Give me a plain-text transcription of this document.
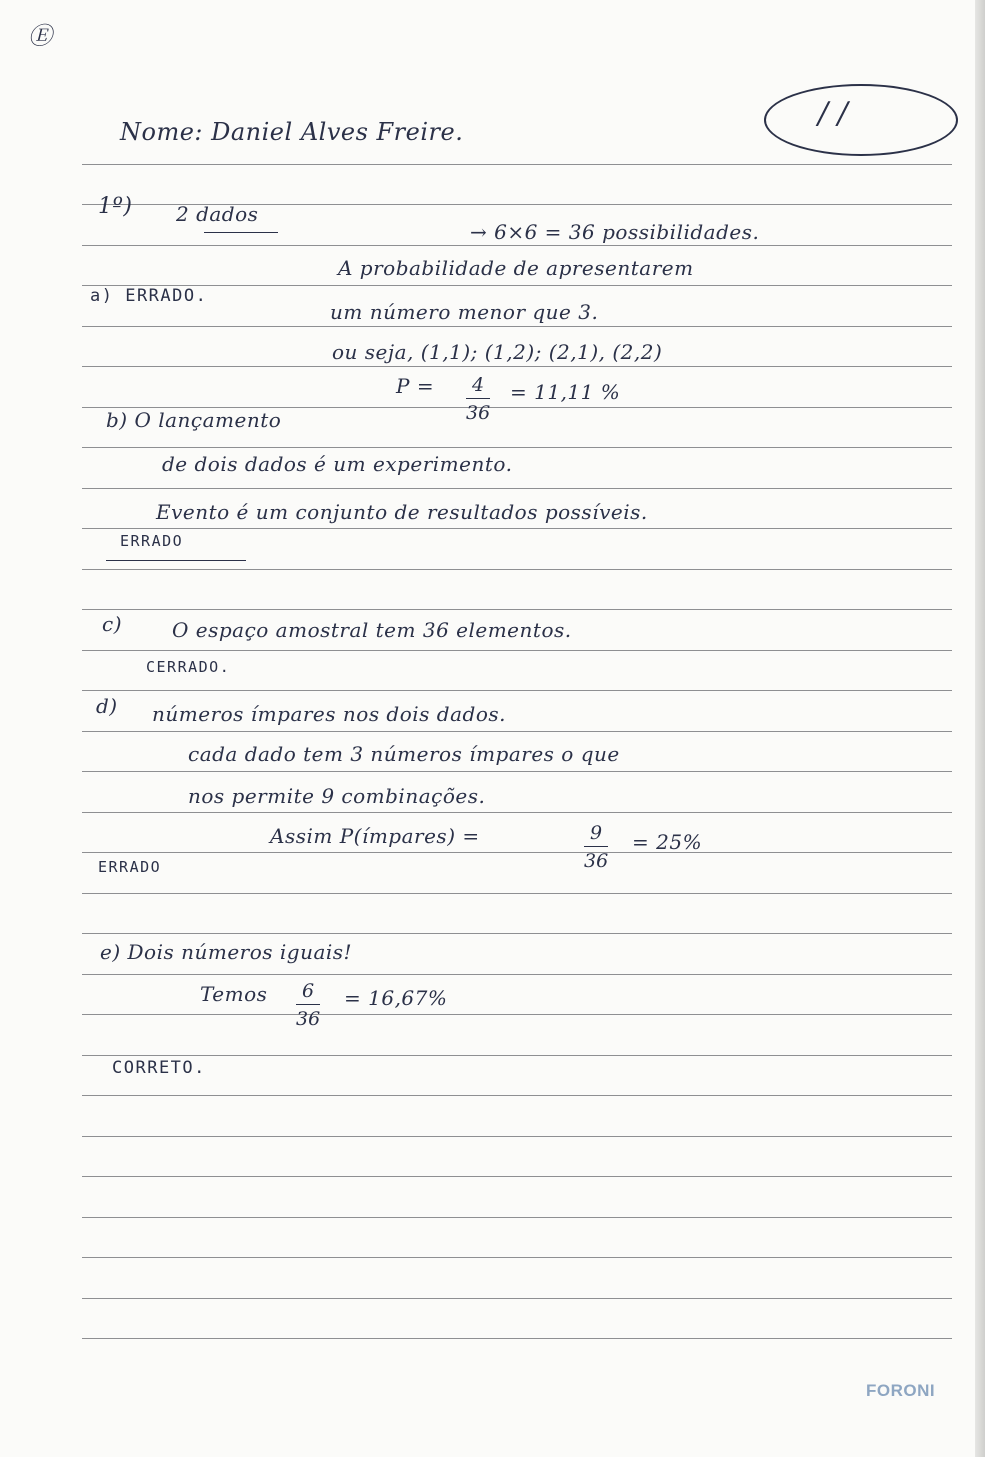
Ⓔ
Nome: Daniel Alves Freire.
/ /
1º) 2 dados
→ 6×6 = 36 possibilidades.
A probabilidade de apresentarem
a) ERRADO.
um número menor que 3.
ou seja, (1,1); (1,2); (2,1), (2,2)
$P = \frac{4}{36} = 11,11$ %
b) O lançamento
de dois dados é um experimento.
Evento é um conjunto de resultados possíveis.
ERRADO
c) O espaço amostral tem 36 elementos.
CERRADO.
d) números ímpares nos dois dados.
cada dado tem 3 números ímpares o que
nos permite 9 combinações.
Assim P(ímpares) =	$\frac{9}{36} = 25\%$
ERRADO
e) Dois números iguais!
Temos $\frac{6}{36} = 16,67\%$
CORRETO.
FORONI
